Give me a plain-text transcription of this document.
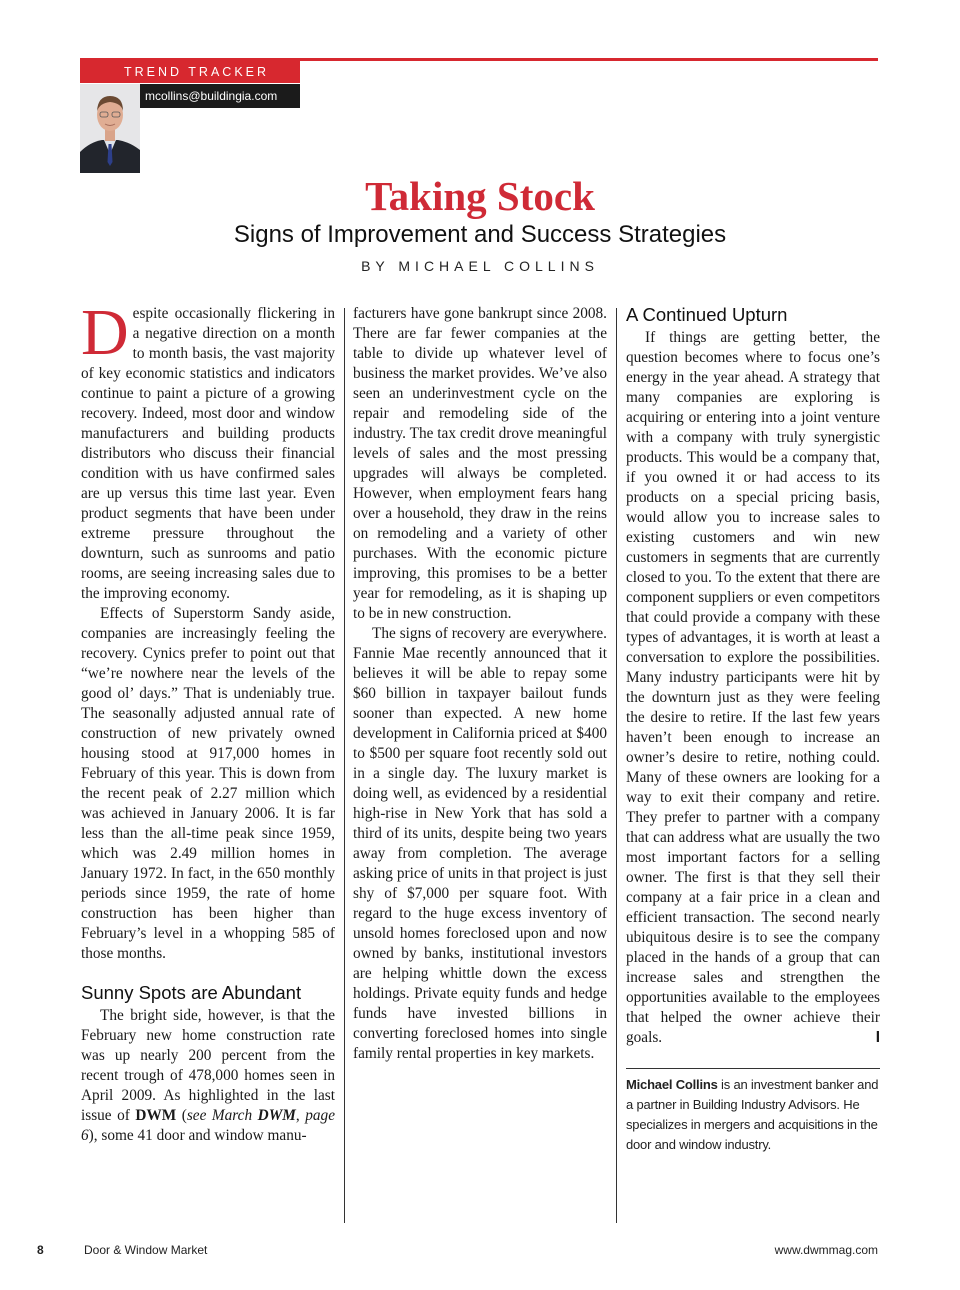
TREND TRACKER
mcollins@buildingia.com
Taking Stock
Signs of Improvement and Success Strategies
BY MICHAEL COLLINS

Despite occasionally flickering in a negative direction on a month to month basis, the vast majority of key economic statistics and indicators continue to paint a picture of a growing recovery. Indeed, most door and window manufacturers and building products distributors who discuss their financial condition with us have confirmed sales are up versus this time last year. Even product segments that have been under extreme pressure throughout the downturn, such as sunrooms and patio rooms, are seeing increasing sales due to the improving economy.

Effects of Superstorm Sandy aside, companies are increasingly feeling the recovery. Cynics prefer to point out that “we’re nowhere near the levels of the good ol’ days.” That is undeniably true. The seasonally adjusted annual rate of construction of new privately owned housing stood at 917,000 homes in February of this year. This is down from the recent peak of 2.27 million which was achieved in January 2006. It is far less than the all-time peak since 1959, which was 2.49 million homes in January 1972. In fact, in the 650 monthly periods since 1959, the rate of home construction has been higher than February’s level in a whopping 585 of those months.

Sunny Spots are Abundant

The bright side, however, is that the February new home construction rate was up nearly 200 percent from the recent trough of 478,000 homes seen in April 2009. As highlighted in the last issue of DWM (see March DWM, page 6), some 41 door and window manu-

facturers have gone bankrupt since 2008. There are far fewer companies at the table to divide up whatever level of business the market provides. We’ve also seen an underinvestment cycle on the repair and remodeling side of the industry. The tax credit drove meaningful levels of sales and the most pressing upgrades will always be completed. However, when employment fears hang over a household, they draw in the reins on remodeling and a variety of other purchases. With the economic picture improving, this promises to be a better year for remodeling, as it is shaping up to be in new construction.

The signs of recovery are everywhere. Fannie Mae recently announced that it believes it will be able to repay some $60 billion in taxpayer bailout funds sooner than expected. A new home development in California priced at $400 to $500 per square foot recently sold out in a single day. The luxury market is doing well, as evidenced by a residential high-rise in New York that has sold a third of its units, despite being two years away from completion. The average asking price of units in that project is just shy of $7,000 per square foot. With regard to the huge excess inventory of unsold homes foreclosed upon and now owned by banks, institutional investors are helping whittle down the excess holdings. Private equity funds and hedge funds have invested billions in converting foreclosed homes into single family rental properties in key markets.

A Continued Upturn

If things are getting better, the question becomes where to focus one’s energy in the year ahead. A strategy that many companies are exploring is acquiring or entering into a joint venture with a company with truly synergistic products. This would be a company that, if you owned it or had access to its products on a special pricing basis, would allow you to increase sales to existing customers and win new customers in segments that are currently closed to you. To the extent that there are component suppliers or even competitors that could provide a company with these types of advantages, it is worth at least a conversation to explore the possibilities. Many industry participants were hit by the downturn just as they were feeling the desire to retire. If the last few years haven’t been enough to increase an owner’s desire to retire, nothing could. Many of these owners are looking for a way to exit their company and retire. They prefer to partner with a company that can address what are usually the two most important factors for a selling owner. The first is that they sell their company at a fair price in a clean and efficient transaction. The second nearly ubiquitous desire is to see the company placed in the hands of a group that can increase sales and strengthen the opportunities available to the employees that helped the owner achieve their goals.	I

Michael Collins is an investment banker and a partner in Building Industry Advisors. He specializes in mergers and acquisitions in the door and window industry.
8	Door & Window Market	www.dwmmag.com
